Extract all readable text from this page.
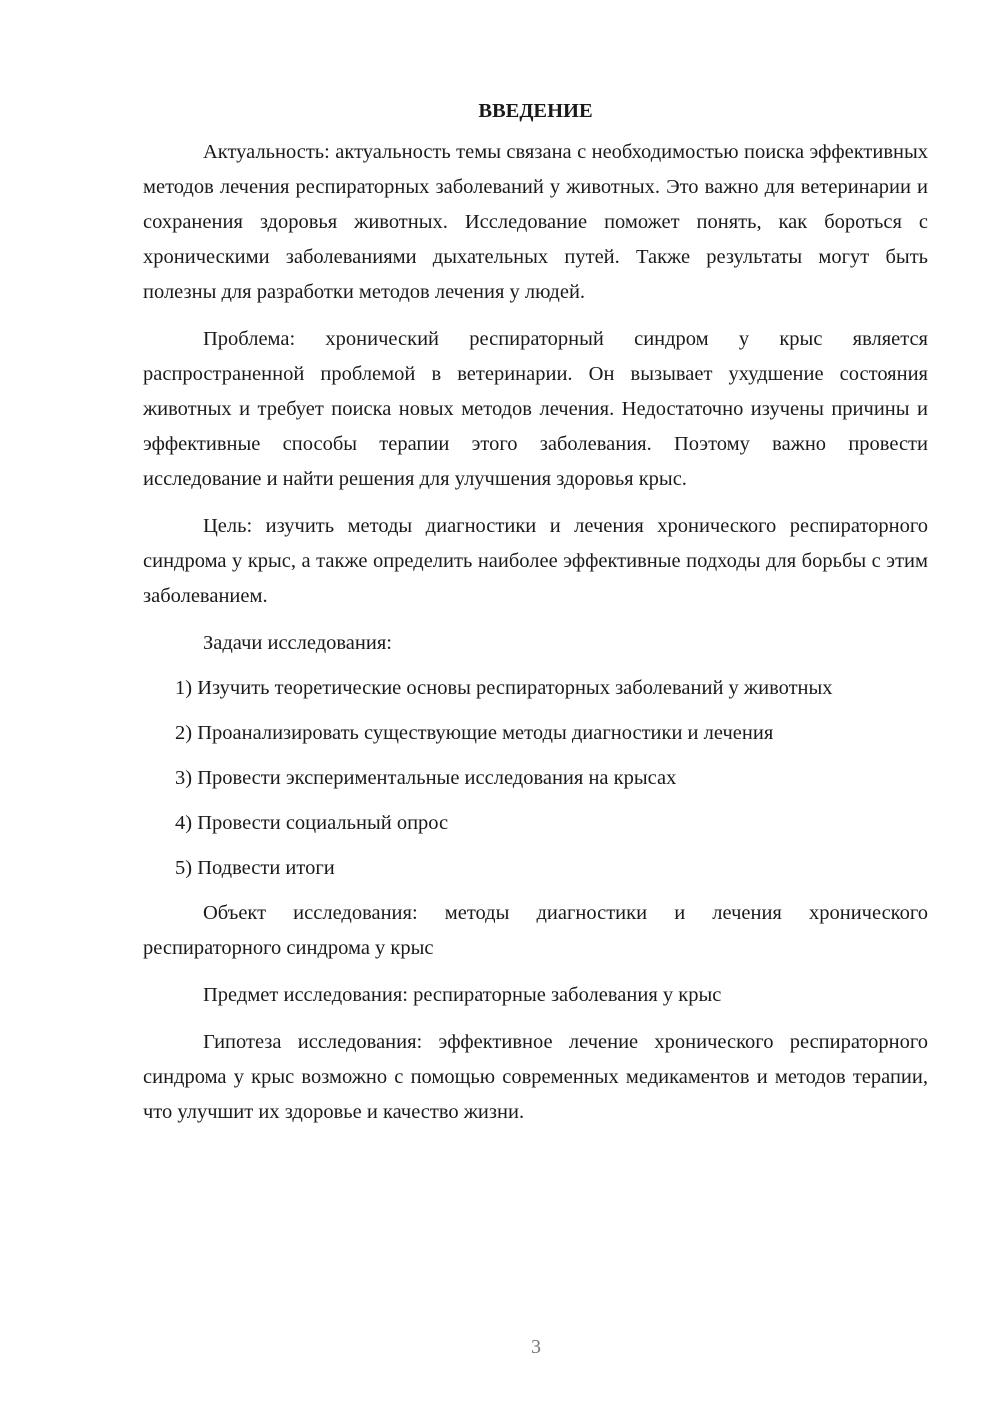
ВВЕДЕНИЕ

Актуальность: актуальность темы связана с необходимостью поиска эффективных методов лечения респираторных заболеваний у животных. Это важно для ветеринарии и сохранения здоровья животных. Исследование поможет понять, как бороться с хроническими заболеваниями дыхательных путей. Также результаты могут быть полезны для разработки методов лечения у людей.

Проблема: хронический респираторный синдром у крыс является распространенной проблемой в ветеринарии. Он вызывает ухудшение состояния животных и требует поиска новых методов лечения. Недостаточно изучены причины и эффективные способы терапии этого заболевания. Поэтому важно провести исследование и найти решения для улучшения здоровья крыс.

Цель: изучить методы диагностики и лечения хронического респираторного синдрома у крыс, а также определить наиболее эффективные подходы для борьбы с этим заболеванием.

Задачи исследования:

1) Изучить теоретические основы респираторных заболеваний у животных

2) Проанализировать существующие методы диагностики и лечения

3) Провести экспериментальные исследования на крысах

4) Провести социальный опрос

5) Подвести итоги

Объект исследования: методы диагностики и лечения хронического респираторного синдрома у крыс

Предмет исследования: респираторные заболевания у крыс

Гипотеза исследования: эффективное лечение хронического респираторного синдрома у крыс возможно с помощью современных медикаментов и методов терапии, что улучшит их здоровье и качество жизни.

3
